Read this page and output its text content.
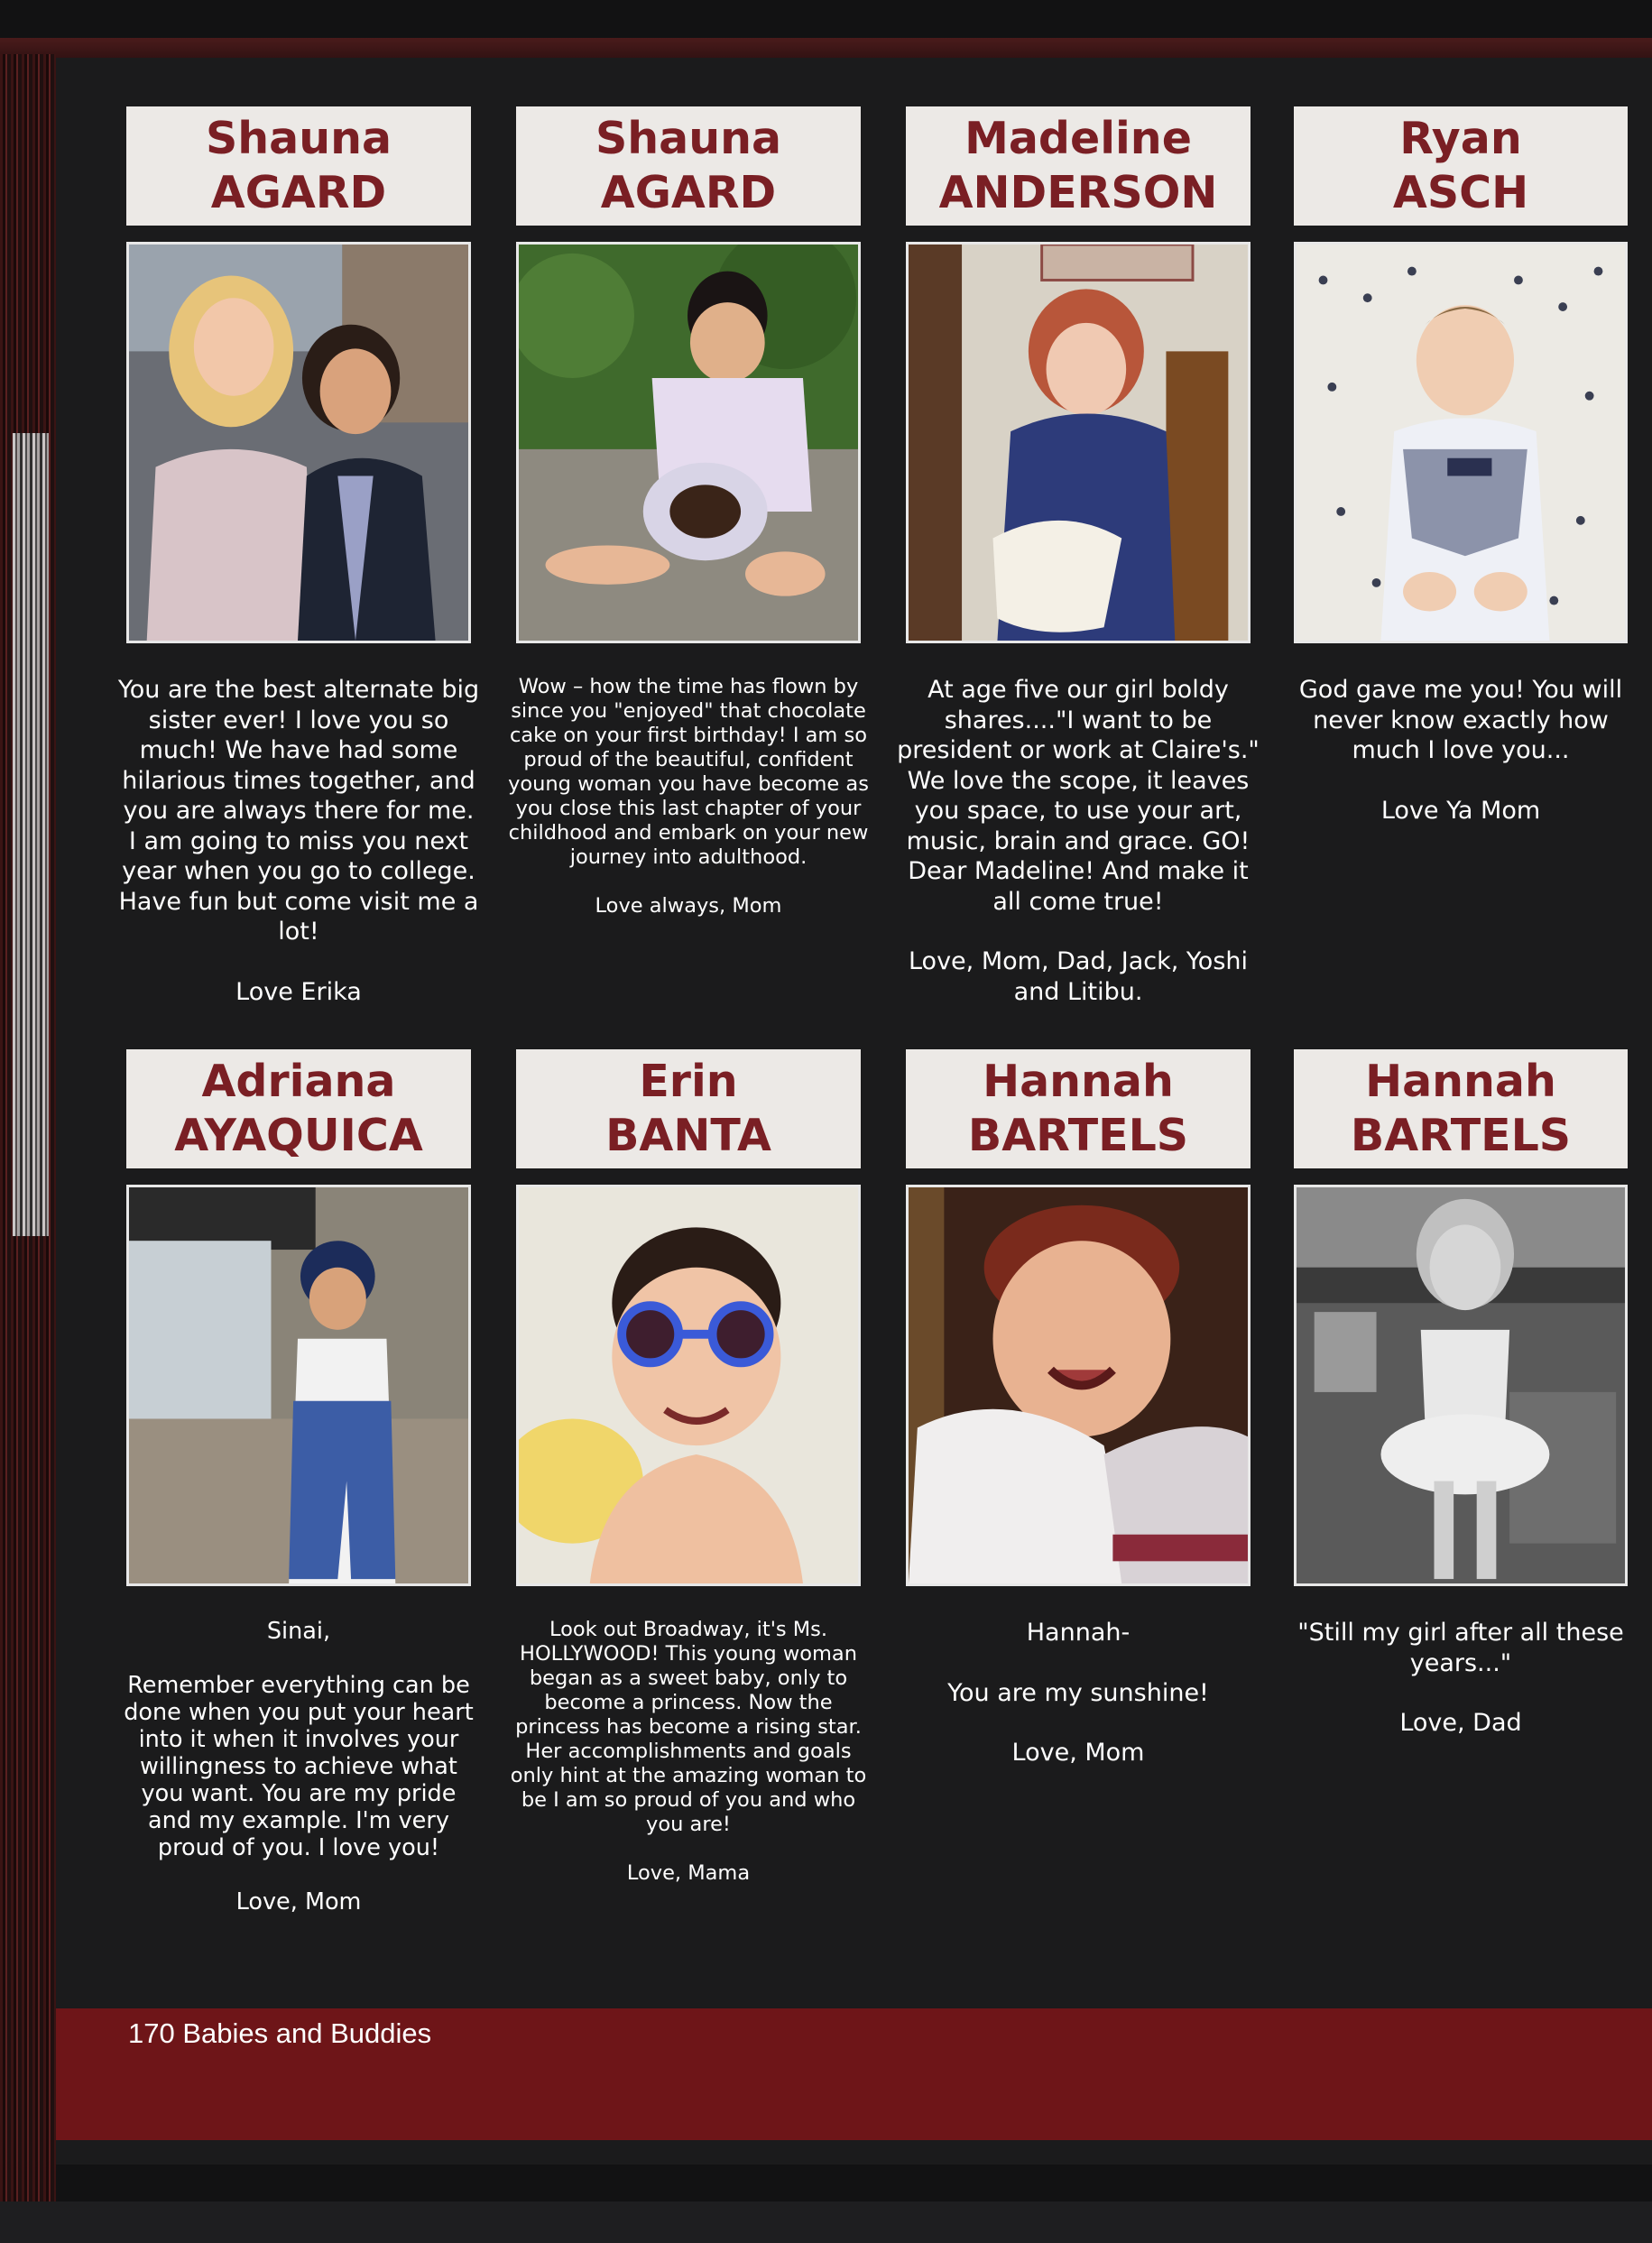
Shauna
AGARD

You are the best alternate big sister ever! I love you so much! We have had some hilarious times together, and you are always there for me. I am going to miss you next year when you go to college. Have fun but come visit me a lot!

Love Erika

Shauna
AGARD

Wow – how the time has flown by since you "enjoyed" that chocolate cake on your first birthday! I am so proud of the beautiful, confident young woman you have become as you close this last chapter of your childhood and embark on your new journey into adulthood.

Love always, Mom

Madeline
ANDERSON

At age five our girl boldy shares...."I want to be president or work at Claire's." We love the scope, it leaves you space, to use your art, music, brain and grace. GO! Dear Madeline! And make it all come true!

Love, Mom, Dad, Jack, Yoshi and Litibu.

Ryan
ASCH

God gave me you! You will never know exactly how much I love you...

Love Ya Mom

Adriana
AYAQUICA

Sinai,

Remember everything can be done when you put your heart into it when it involves your willingness to achieve what you want. You are my pride and my example. I'm very proud of you. I love you!

Love, Mom

Erin
BANTA

Look out Broadway, it's Ms. HOLLYWOOD! This young woman began as a sweet baby, only to become a princess. Now the princess has become a rising star. Her accomplishments and goals only hint at the amazing woman to be I am so proud of you and who you are!

Love, Mama

Hannah
BARTELS

Hannah-

You are my sunshine!

Love, Mom

Hannah
BARTELS

"Still my girl after all these years..."

Love, Dad

170 Babies and Buddies
